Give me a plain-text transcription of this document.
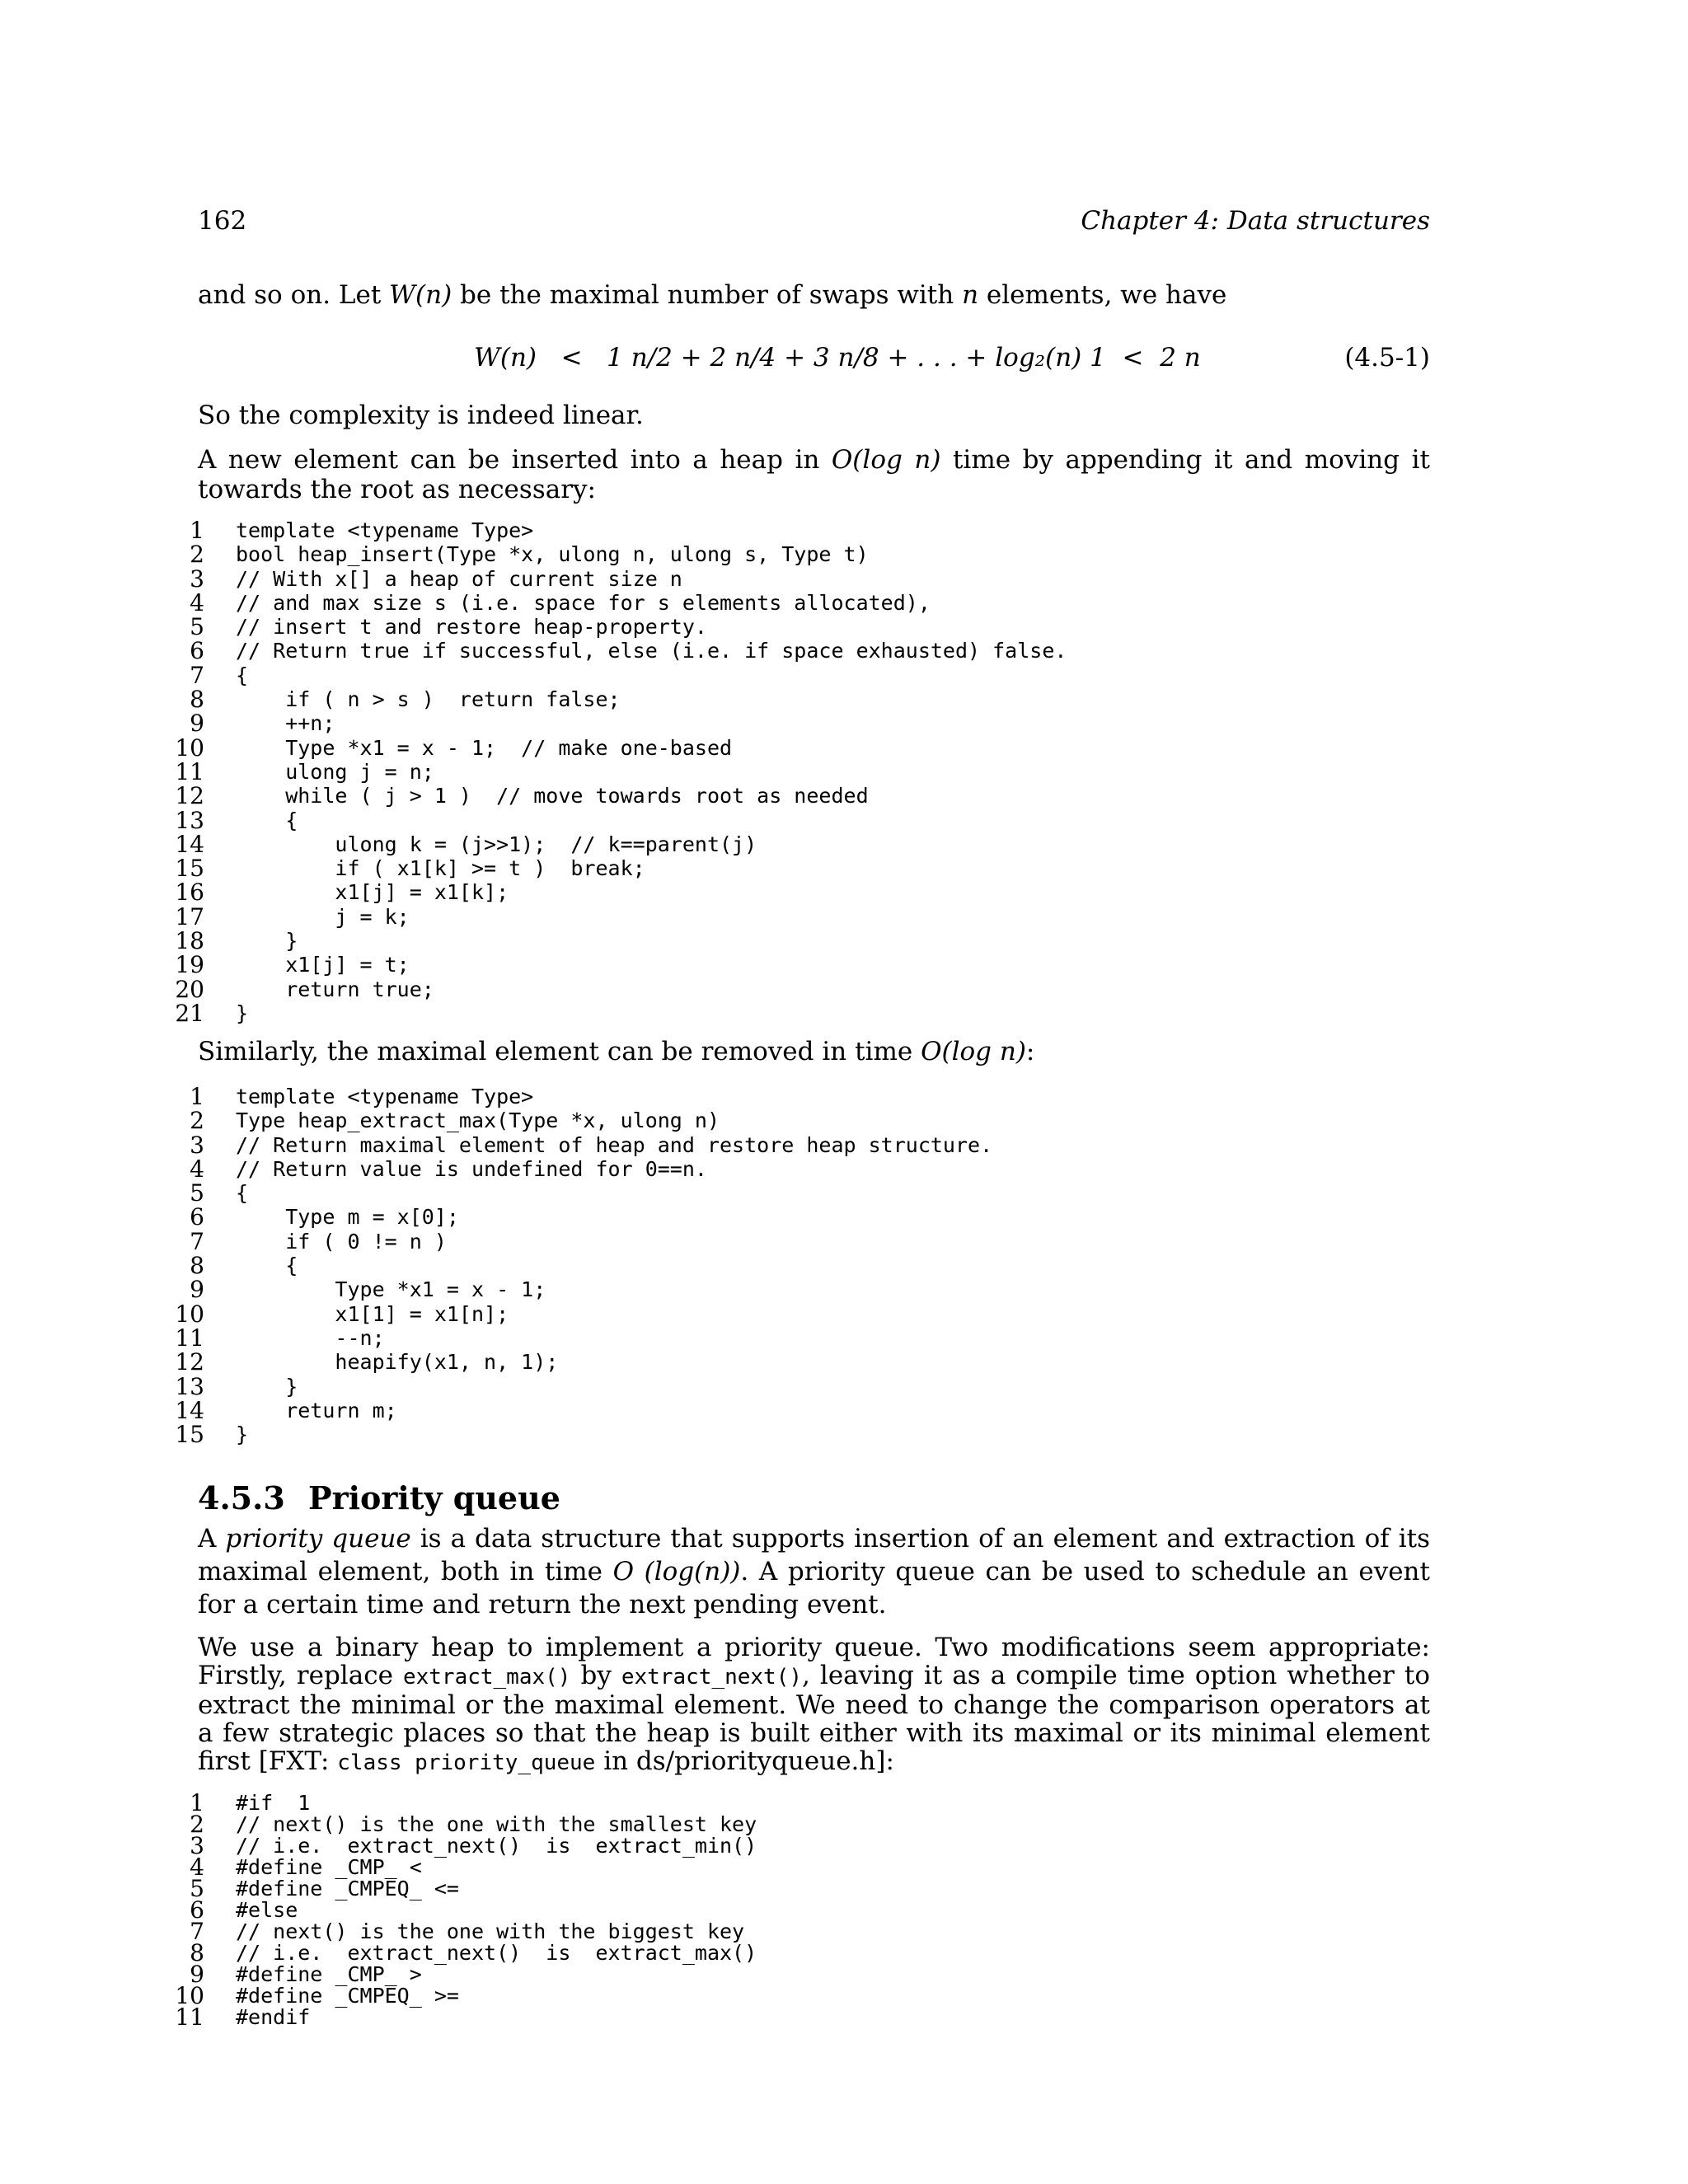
162	Chapter 4: Data structures
and so on. Let W(n) be the maximal number of swaps with n elements, we have
W(n)   <   1 n/2 + 2 n/4 + 3 n/8 + . . . + log₂(n) 1  <  2 n	(4.5-1)
So the complexity is indeed linear.
A new element can be inserted into a heap in O(log n) time by appending it and moving it towards the root as necessary:
1 template <typename Type>
2 bool heap_insert(Type *x, ulong n, ulong s, Type t)
3 // With x[] a heap of current size n
4 // and max size s (i.e. space for s elements allocated),
5 // insert t and restore heap-property.
6 // Return true if successful, else (i.e. if space exhausted) false.
7 {
8 if ( n > s )  return false;
9 ++n;
10 Type *x1 = x - 1;  // make one-based
11 ulong j = n;
12 while ( j > 1 )  // move towards root as needed
13 {
14 ulong k = (j>>1);  // k==parent(j)
15 if ( x1[k] >= t )  break;
16 x1[j] = x1[k];
17 j = k;
18 }
19 x1[j] = t;
20 return true;
21 }
Similarly, the maximal element can be removed in time O(log n):
1 template <typename Type>
2 Type heap_extract_max(Type *x, ulong n)
3 // Return maximal element of heap and restore heap structure.
4 // Return value is undefined for 0==n.
5 {
6 Type m = x[0];
7 if ( 0 != n )
8 {
9 Type *x1 = x - 1;
10 x1[1] = x1[n];
11 --n;
12 heapify(x1, n, 1);
13 }
14 return m;
15 }
4.5.3 Priority queue
A priority queue is a data structure that supports insertion of an element and extraction of its maximal element, both in time O (log(n)). A priority queue can be used to schedule an event for a certain time and return the next pending event.
We use a binary heap to implement a priority queue. Two modifications seem appropriate: Firstly, replace extract_max() by extract_next(), leaving it as a compile time option whether to extract the minimal or the maximal element. We need to change the comparison operators at a few strategic places so that the heap is built either with its maximal or its minimal element first [FXT: class priority_queue in ds/priorityqueue.h]:
1 #if  1
2 // next() is the one with the smallest key
3 // i.e.  extract_next()  is  extract_min()
4 #define _CMP_ <
5 #define _CMPEQ_ <=
6 #else
7 // next() is the one with the biggest key
8 // i.e.  extract_next()  is  extract_max()
9 #define _CMP_ >
10 #define _CMPEQ_ >=
11 #endif
